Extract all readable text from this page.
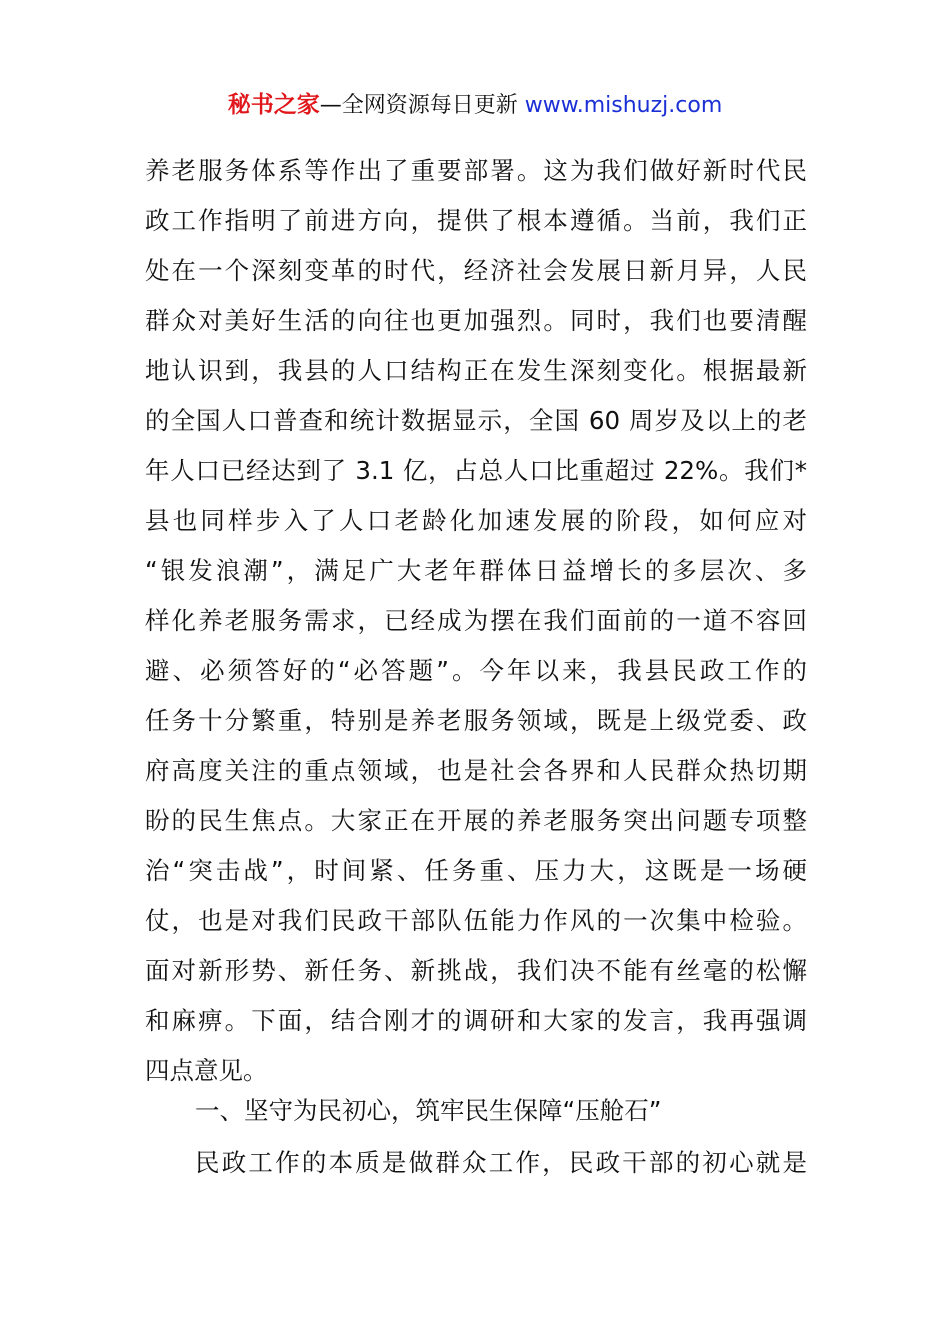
秘书之家—全网资源每日更新 www.mishuzj.com
养老服务体系等作出了重要部署。这为我们做好新时代民
政工作指明了前进方向，提供了根本遵循。当前，我们正
处在一个深刻变革的时代，经济社会发展日新月异，人民
群众对美好生活的向往也更加强烈。同时，我们也要清醒
地认识到，我县的人口结构正在发生深刻变化。根据最新
的全国人口普查和统计数据显示，全国 60 周岁及以上的老
年人口已经达到了 3.1 亿，占总人口比重超过 22%。我们*
县也同样步入了人口老龄化加速发展的阶段，如何应对
“银发浪潮”，满足广大老年群体日益增长的多层次、多
样化养老服务需求，已经成为摆在我们面前的一道不容回
避、必须答好的“必答题”。今年以来，我县民政工作的
任务十分繁重，特别是养老服务领域，既是上级党委、政
府高度关注的重点领域，也是社会各界和人民群众热切期
盼的民生焦点。大家正在开展的养老服务突出问题专项整
治“突击战”，时间紧、任务重、压力大，这既是一场硬
仗，也是对我们民政干部队伍能力作风的一次集中检验。
面对新形势、新任务、新挑战，我们决不能有丝毫的松懈
和麻痹。下面，结合刚才的调研和大家的发言，我再强调
四点意见。
一、坚守为民初心，筑牢民生保障“压舱石”
民政工作的本质是做群众工作，民政干部的初心就是
